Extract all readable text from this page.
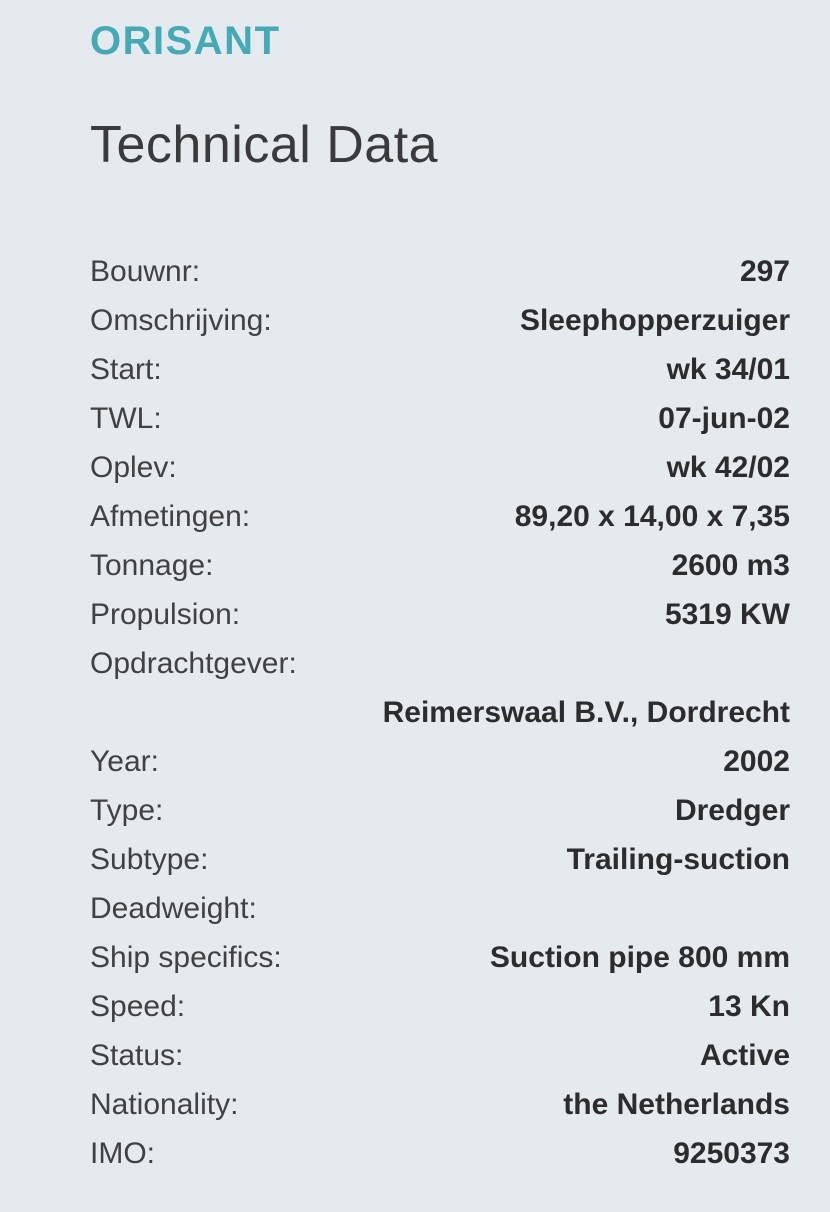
ORISANT
Technical Data
Bouwnr:	297
Omschrijving:	Sleephopperzuiger
Start:	wk 34/01
TWL:	07-jun-02
Oplev:	wk 42/02
Afmetingen:	89,20 x 14,00 x 7,35
Tonnage:	2600 m3
Propulsion:	5319 KW
Opdrachtgever:
Reimerswaal B.V., Dordrecht
Year:	2002
Type:	Dredger
Subtype:	Trailing-suction
Deadweight:
Ship specifics:	Suction pipe 800 mm
Speed:	13 Kn
Status:	Active
Nationality:	the Netherlands
IMO:	9250373
